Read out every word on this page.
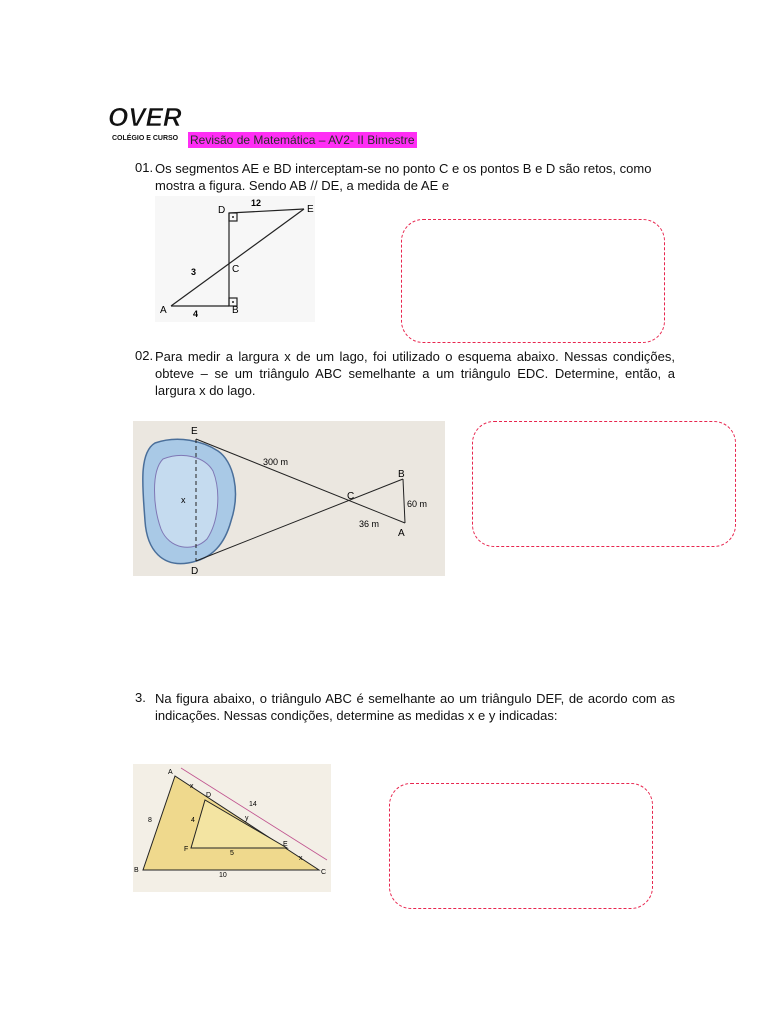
OVER
COLÉGIO E CURSO Revisão de Matemática – AV2- II Bimestre
01. Os segmentos AE e BD interceptam-se no ponto C e os pontos B e D são retos, como mostra a figura. Sendo AB // DE, a medida de AE e
D	E
C
A	B
12
3
4
02. Para medir a largura x de um lago, foi utilizado o esquema abaixo. Nessas condições, obteve – se um triângulo ABC semelhante a um triângulo EDC. Determine, então, a largura x do lago.
E
D
C
B
A
x
300 m
36 m
60 m
3. Na figura abaixo, o triângulo ABC é semelhante ao um triângulo DEF, de acordo com as indicações. Nessas condições, determine as medidas x e y indicadas:
A
B	C
D
E
F
x
y
14
8	4
5
10
x
